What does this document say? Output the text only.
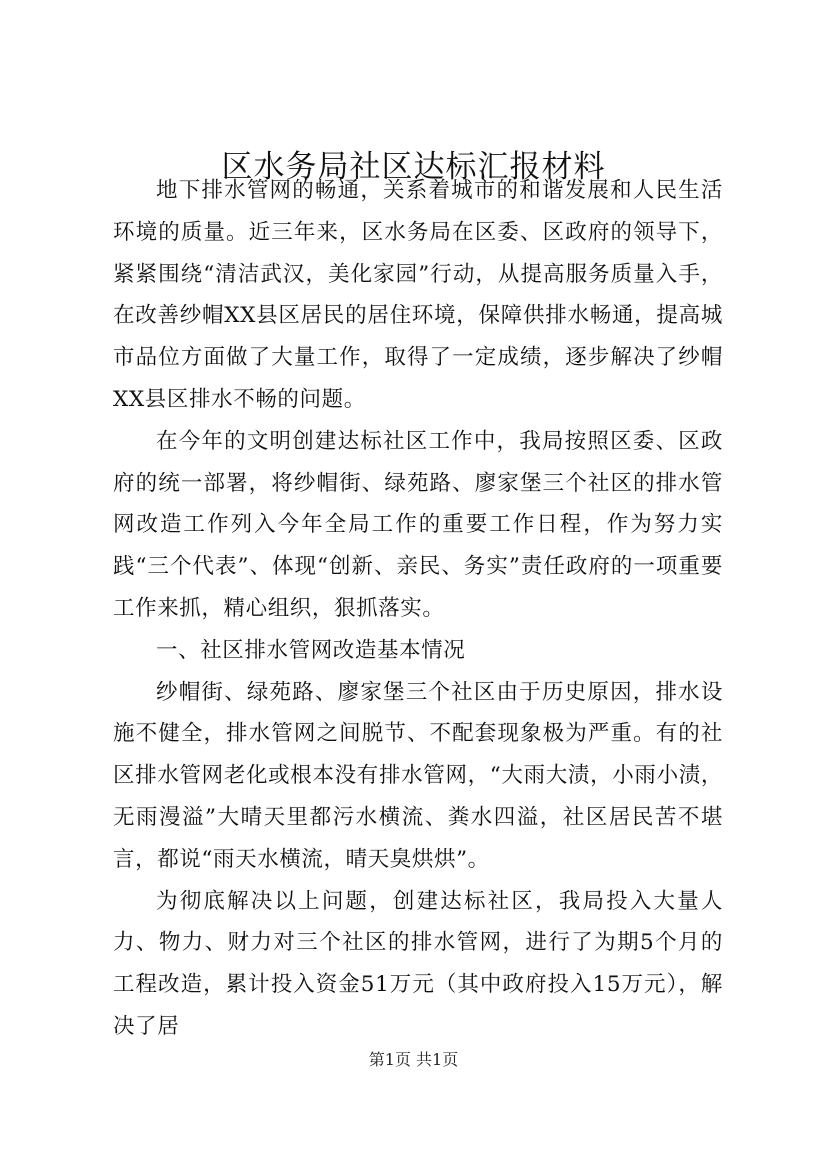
区水务局社区达标汇报材料

地下排水管网的畅通，关系着城市的和谐发展和人民生活环境的质量。近三年来，区水务局在区委、区政府的领导下，紧紧围绕“清洁武汉，美化家园”行动，从提高服务质量入手，在改善纱帽XX县区居民的居住环境，保障供排水畅通，提高城市品位方面做了大量工作，取得了一定成绩，逐步解决了纱帽XX县区排水不畅的问题。

在今年的文明创建达标社区工作中，我局按照区委、区政府的统一部署，将纱帽街、绿苑路、廖家堡三个社区的排水管网改造工作列入今年全局工作的重要工作日程，作为努力实践“三个代表”、体现“创新、亲民、务实”责任政府的一项重要工作来抓，精心组织，狠抓落实。

一、社区排水管网改造基本情况

纱帽街、绿苑路、廖家堡三个社区由于历史原因，排水设施不健全，排水管网之间脱节、不配套现象极为严重。有的社区排水管网老化或根本没有排水管网，“大雨大渍，小雨小渍，无雨漫溢”大晴天里都污水横流、粪水四溢，社区居民苦不堪言，都说“雨天水横流，晴天臭烘烘”。

为彻底解决以上问题，创建达标社区，我局投入大量人力、物力、财力对三个社区的排水管网，进行了为期5个月的工程改造，累计投入资金51万元（其中政府投入15万元），解决了居

第1页 共1页
